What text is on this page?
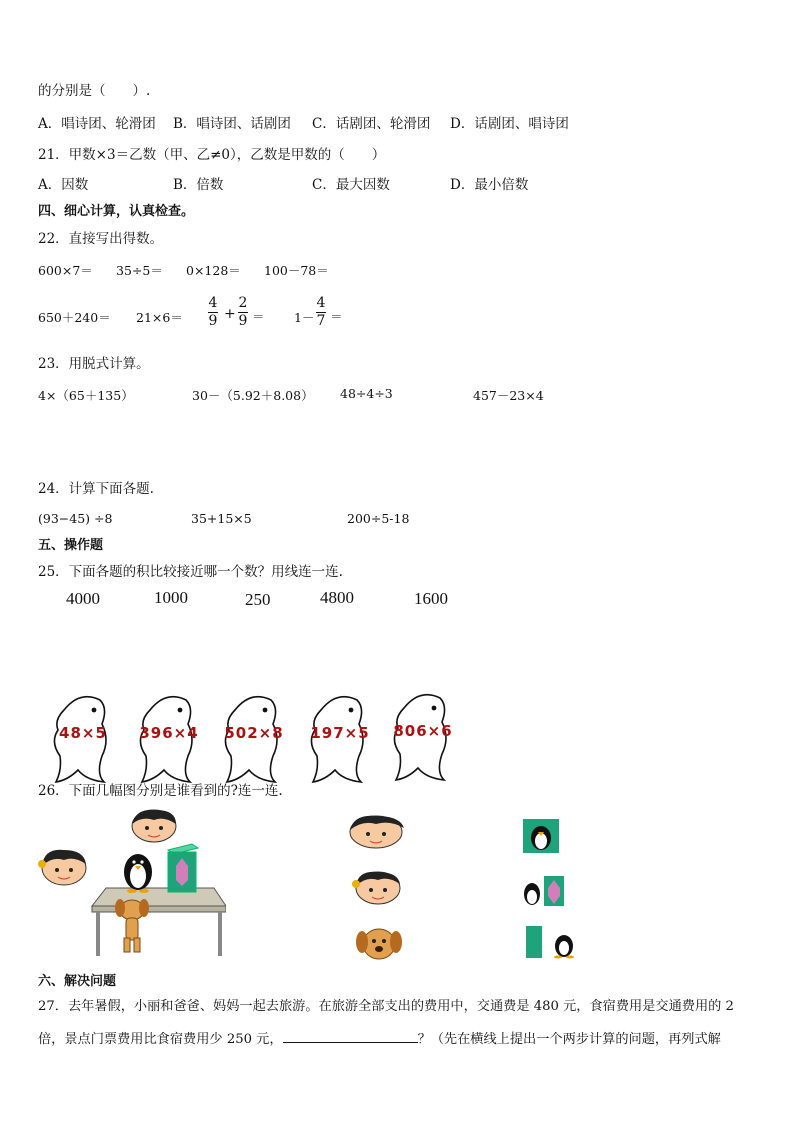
的分别是（　　）.
A．唱诗团、轮滑团 B．唱诗团、话剧团 C．话剧团、轮滑团 D．话剧团、唱诗团
21．甲数×3＝乙数（甲、乙≠0），乙数是甲数的（　　）
A．因数	B．倍数	C．最大因数	D．最小倍数
四、细心计算，认真检查。
22．直接写出得数。
600×7＝ 35÷5＝ 0×128＝ 100－78＝
650＋240＝ 21×6＝
4
9 +
2
9 ＝ 1－
4
7 ＝
23．用脱式计算。
4×（65＋135）	30－（5.92＋8.08） 48÷4÷3	457－23×4
24．计算下面各题.
(93−45) ÷8	35+15×5	200÷5-18
五、操作题
25．下面各题的积比较接近哪一个数？用线连一连.
4000	1000	250	4800	1600
48×5	396×4	502×8	197×5	806×6
26．下面几幅图分别是谁看到的?连一连.
六、解决问题
27．去年暑假，小丽和爸爸、妈妈一起去旅游。在旅游全部支出的费用中，交通费是 480 元，食宿费用是交通费用的 2
倍，景点门票费用比食宿费用少 250 元，	？（先在横线上提出一个两步计算的问题，再列式解
